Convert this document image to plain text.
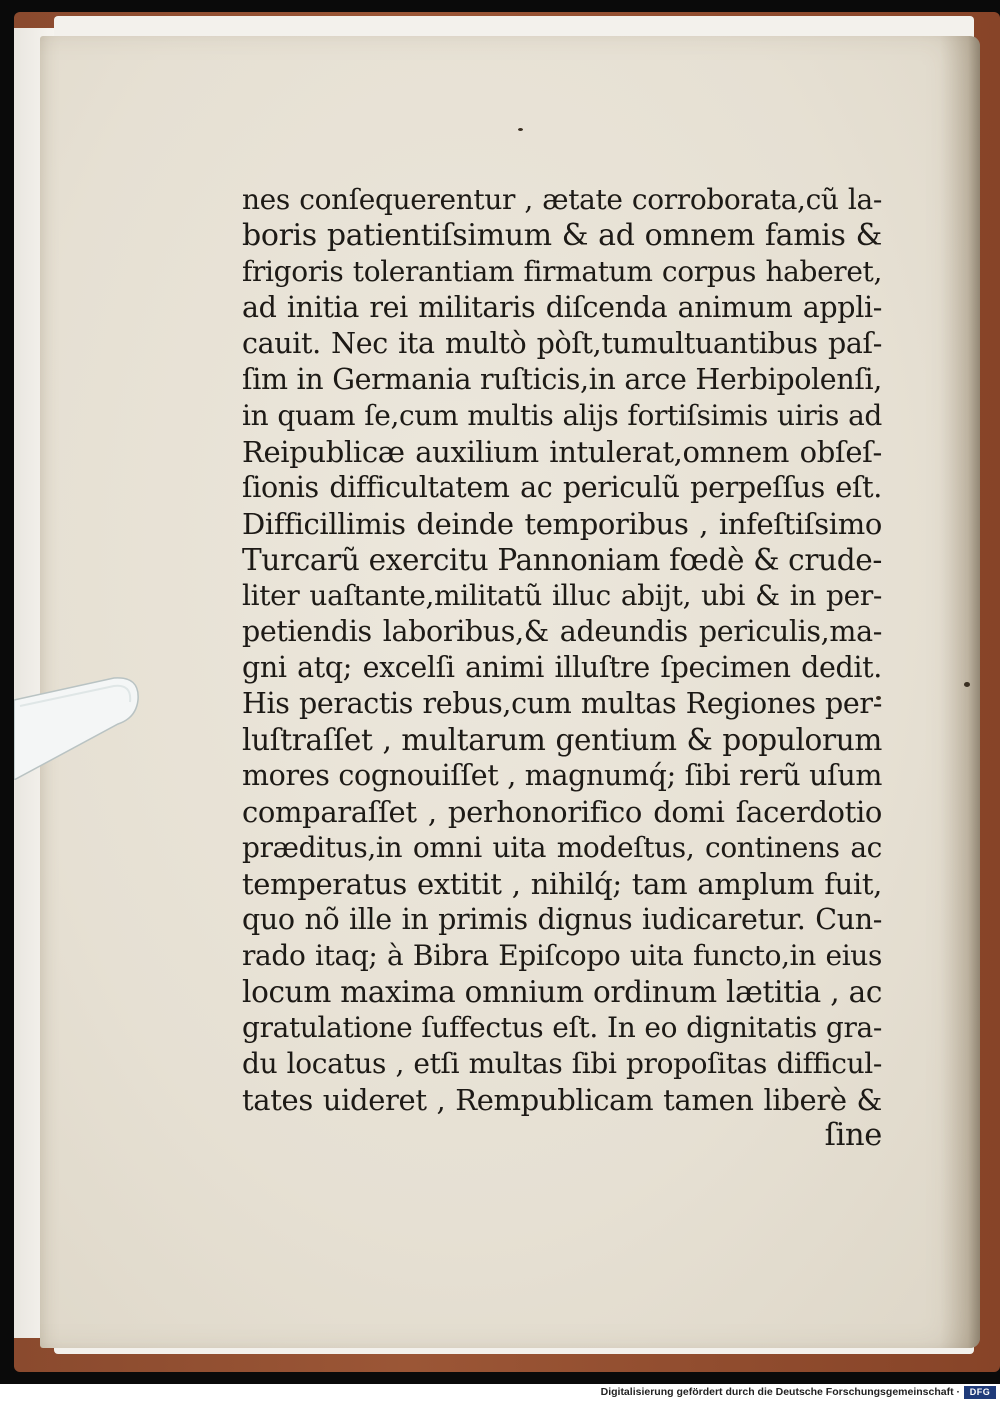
nes conſequerentur , ætate corroborata,cũ la-
boris patientiſsimum & ad omnem famis &
frigoris tolerantiam firmatum corpus haberet,
ad initia rei militaris diſcenda animum appli-
cauit. Nec ita multò pòſt,tumultuantibus paſ-
ſim in Germania ruſticis,in arce Herbipolenſi,
in quam ſe,cum multis alijs fortiſsimis uiris ad
Reipublicæ auxilium intulerat,omnem obſeſ-
ſionis difficultatem ac periculũ perpeſſus eſt.
Difficillimis deinde temporibus , infeſtiſsimo
Turcarũ exercitu Pannoniam fœdè & crude-
liter uaſtante,militatũ illuc abijt, ubi & in per-
petiendis laboribus,& adeundis periculis,ma-
gni atq; excelſi animi illuſtre ſpecimen dedit.
His peractis rebus,cum multas Regiones per-
luſtraſſet , multarum gentium & populorum
mores cognouiſſet , magnumq́; ſibi rerũ uſum
comparaſſet , perhonorifico domi ſacerdotio
præditus,in omni uita modeſtus, continens ac
temperatus extitit , nihilq́; tam amplum fuit,
quo nõ ille in primis dignus iudicaretur. Cun-
rado itaq; à Bibra Epiſcopo uita functo,in eius
locum maxima omnium ordinum lætitia , ac
gratulatione ſuffectus eſt. In eo dignitatis gra-
du locatus , etſi multas ſibi propoſitas difficul-
tates uideret , Rempublicam tamen liberè &
ſine
Digitalisierung gefördert durch die Deutsche Forschungsgemeinschaft ·	DFG
